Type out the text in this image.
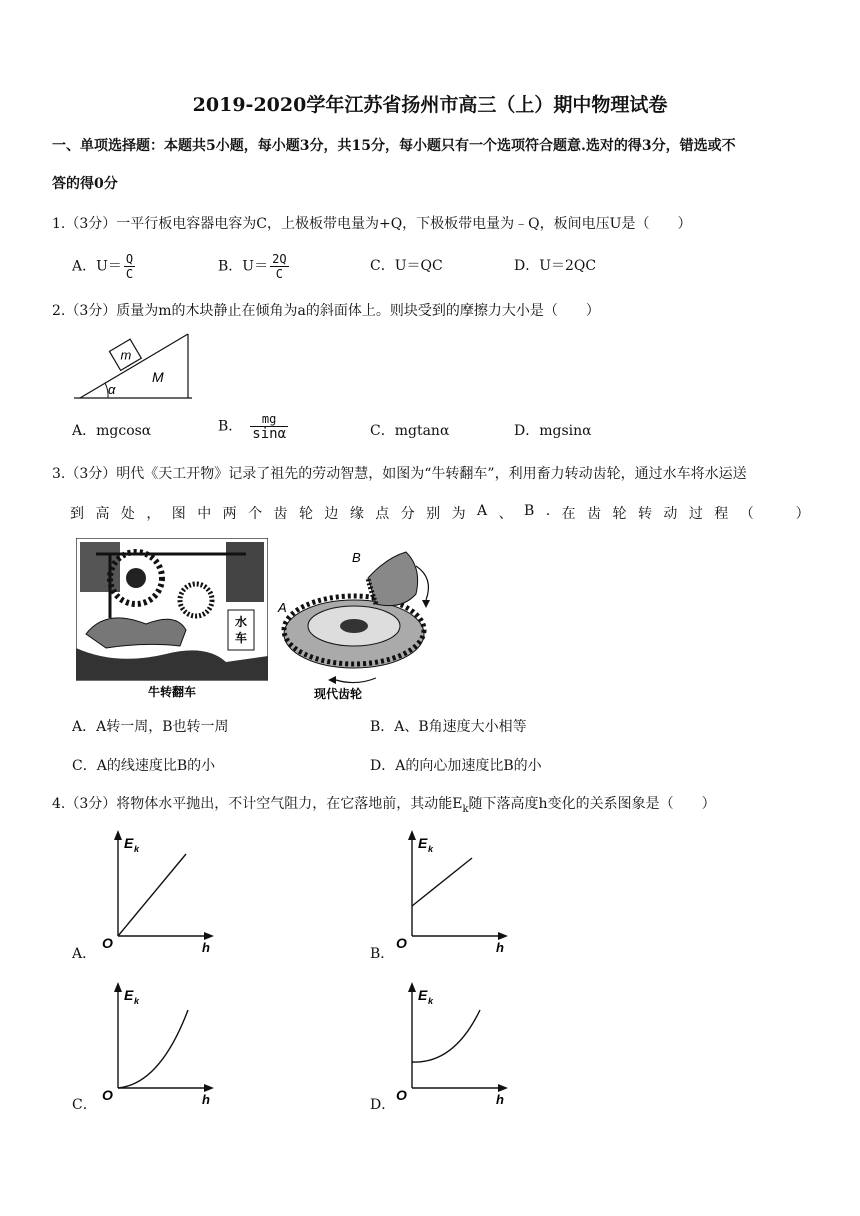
2019-2020学年江苏省扬州市高三（上）期中物理试卷
一、单项选择题：本题共5小题，每小题3分，共15分，每小题只有一个选项符合题意.选对的得3分，错选或不
答的得0分
1.（3分）一平行板电容器电容为C，上极板带电量为+Q，下极板带电量为﹣Q，板间电压U是（　　）
A．$U= \frac{Q}{C}$	B．$U= \frac{2Q}{C}$	C．U＝QC	D．U＝2QC
2.（3分）质量为m的木块静止在倾角为a的斜面体上。则块受到的摩擦力大小是（　　）
m
M
α
A．mgcosα	B． $\frac{mg}{\sin\alpha}$	C．mgtanα	D．mgsinα
3.（3分）明代《天工开物》记录了祖先的劳动智慧，如图为“牛转翻车”，利用畜力转动齿轮，通过水车将水运送
到 高 处 ， 图 中 两 个 齿 轮 边 缘 点 分 别 为 A 、 B . 在 齿 轮 转 动 过 程 （　　　）
水
车
牛转翻车
B
A
现代齿轮
A．A转一周，B也转一周	B．A、B角速度大小相等
C．A的线速度比B的小	D．A的向心加速度比B的小
4.（3分）将物体水平抛出，不计空气阻力，在它落地前，其动能$E_k$随下落高度h变化的关系图象是（　　）
A．
E k
O	h	B．
E k
O	h
C．
E k
O	h	D．
E k
O	h
